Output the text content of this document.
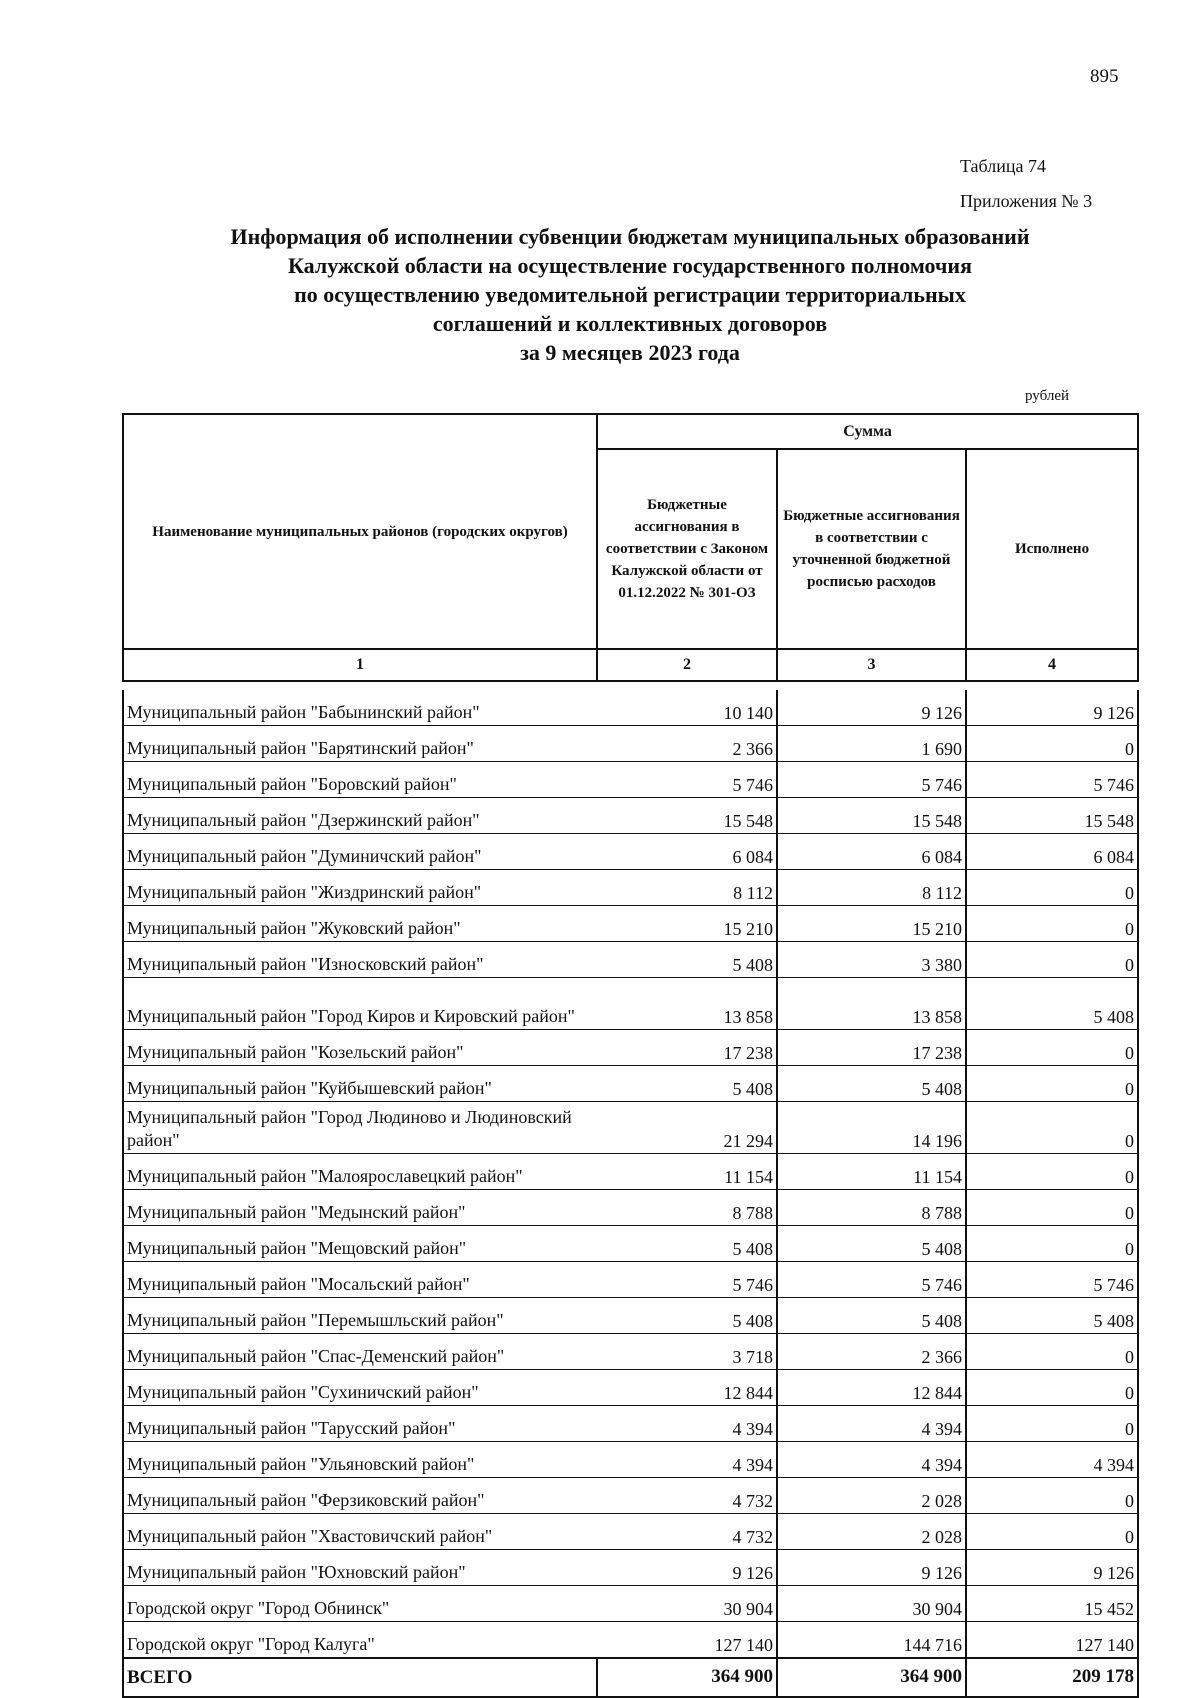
895
Таблица 74
Приложения № 3
Информация об исполнении субвенции бюджетам муниципальных образований
Калужской области на осуществление государственного полномочия
по осуществлению уведомительной регистрации территориальных
соглашений и коллективных договоров
за 9 месяцев 2023 года
рублей
Наименование муниципальных районов (городских округов)	Сумма		
	Бюджетные ассигнования в соответствии с Законом Калужской области от 01.12.2022 № 301-ОЗ	Бюджетные ассигнования в соответствии с уточненной бюджетной росписью расходов	Исполнено
1	2	3	4

Муниципальный район "Бабынинский район"	10 140	9 126	9 126
Муниципальный район "Барятинский район"	2 366	1 690	0
Муниципальный район "Боровский район"	5 746	5 746	5 746
Муниципальный район "Дзержинский район"	15 548	15 548	15 548
Муниципальный район "Думиничский район"	6 084	6 084	6 084
Муниципальный район "Жиздринский район"	8 112	8 112	0
Муниципальный район "Жуковский район"	15 210	15 210	0
Муниципальный район "Износковский район"	5 408	3 380	0
Муниципальный район "Город Киров и Кировский район"	13 858	13 858	5 408
Муниципальный район "Козельский район"	17 238	17 238	0
Муниципальный район "Куйбышевский район"	5 408	5 408	0
Муниципальный район "Город Людиново и Людиновский район"	21 294	14 196	0
Муниципальный район "Малоярославецкий район"	11 154	11 154	0
Муниципальный район "Медынский район"	8 788	8 788	0
Муниципальный район "Мещовский район"	5 408	5 408	0
Муниципальный район "Мосальский район"	5 746	5 746	5 746
Муниципальный район "Перемышльский район"	5 408	5 408	5 408
Муниципальный район "Спас-Деменский район"	3 718	2 366	0
Муниципальный район "Сухиничский район"	12 844	12 844	0
Муниципальный район "Тарусский район"	4 394	4 394	0
Муниципальный район "Ульяновский район"	4 394	4 394	4 394
Муниципальный район "Ферзиковский район"	4 732	2 028	0
Муниципальный район "Хвастовичский район"	4 732	2 028	0
Муниципальный район "Юхновский район"	9 126	9 126	9 126
Городской округ "Город Обнинск"	30 904	30 904	15 452
Городской округ "Город Калуга"	127 140	144 716	127 140
ВСЕГО	364 900	364 900	209 178
